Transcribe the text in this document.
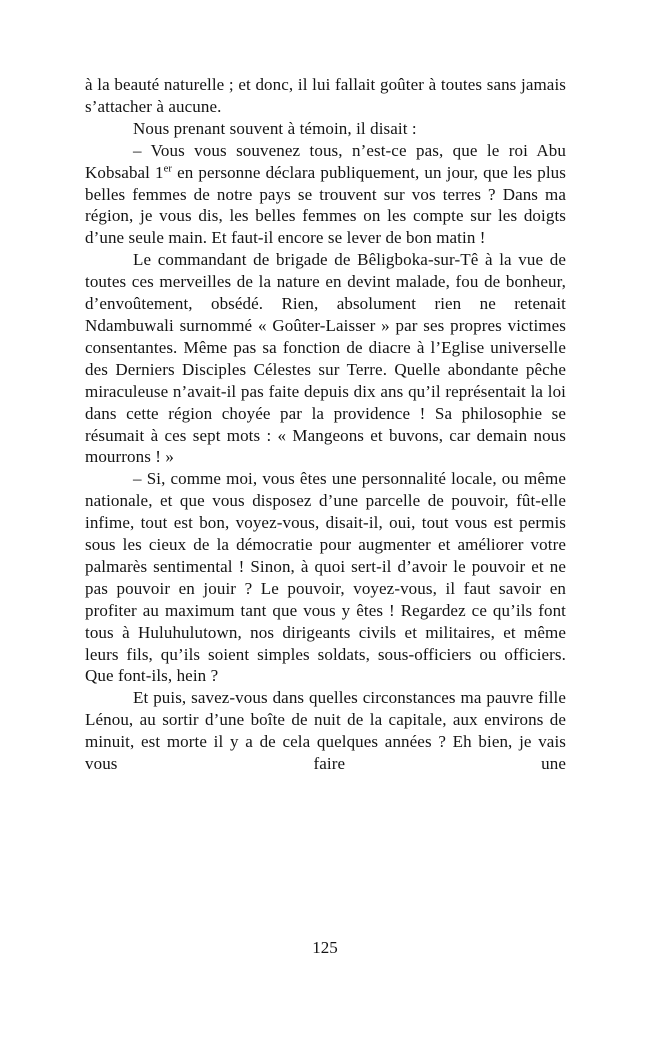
à la beauté naturelle ; et donc, il lui fallait goûter à toutes sans jamais s’attacher à aucune.

Nous prenant souvent à témoin, il disait :

– Vous vous souvenez tous, n’est-ce pas, que le roi Abu Kobsabal 1er en personne déclara publiquement, un jour, que les plus belles femmes de notre pays se trouvent sur vos terres ? Dans ma région, je vous dis, les belles femmes on les compte sur les doigts d’une seule main. Et faut-il encore se lever de bon matin !

Le commandant de brigade de Bêligboka-sur-Tê à la vue de toutes ces merveilles de la nature en devint malade, fou de bonheur, d’envoûtement, obsédé. Rien, absolument rien ne retenait Ndambuwali surnommé « Goûter-Laisser » par ses propres victimes consentantes. Même pas sa fonction de diacre à l’Eglise universelle des Derniers Disciples Célestes sur Terre. Quelle abondante pêche miraculeuse n’avait-il pas faite depuis dix ans qu’il représentait la loi dans cette région choyée par la providence ! Sa philosophie se résumait à ces sept mots : « Mangeons et buvons, car demain nous mourrons ! »

– Si, comme moi, vous êtes une personnalité locale, ou même nationale, et que vous disposez d’une parcelle de pouvoir, fût-elle infime, tout est bon, voyez-vous, disait-il, oui, tout vous est permis sous les cieux de la démocratie pour augmenter et améliorer votre palmarès sentimental ! Sinon, à quoi sert-il d’avoir le pouvoir et ne pas pouvoir en jouir ? Le pouvoir, voyez-vous, il faut savoir en profiter au maximum tant que vous y êtes ! Regardez ce qu’ils font tous à Huluhulutown, nos dirigeants civils et militaires, et même leurs fils, qu’ils soient simples soldats, sous-officiers ou officiers. Que font-ils, hein ?

Et puis, savez-vous dans quelles circonstances ma pauvre fille Lénou, au sortir d’une boîte de nuit de la capitale, aux environs de minuit, est morte il y a de cela quelques années ? Eh bien, je vais vous faire une

125
